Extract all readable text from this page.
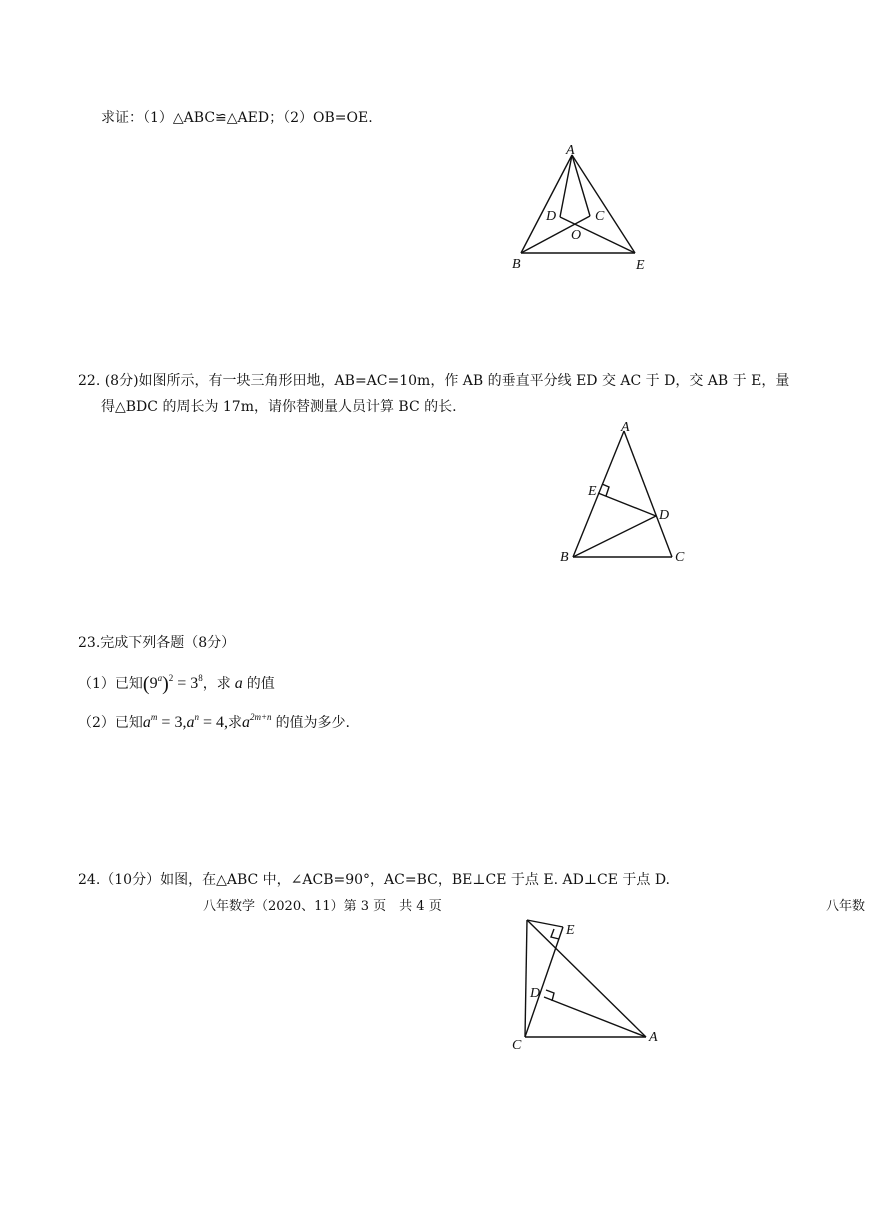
求证：（1）△ABC≌△AED；（2）OB=OE.
A
D	C
O
B	E
22. (8分)如图所示，有一块三角形田地，AB=AC=10m，作 AB 的垂直平分线 ED 交 AC 于 D，交 AB 于 E，量
得△BDC 的周长为 17m，请你替测量人员计算 BC 的长.
A
E
D
B	C
23.完成下列各题（8分）
（1）已知$(9^a)^2 = 3^8$，求 a 的值
（2）已知$a^m = 3,a^n = 4$,求$a^{2m+n}$ 的值为多少.
24.（10分）如图，在△ABC 中，∠ACB=90°，AC=BC，BE⊥CE 于点 E. AD⊥CE 于点 D.
八年数学（2020、11）第 3 页　共 4 页	八年数
E
D
C
A
